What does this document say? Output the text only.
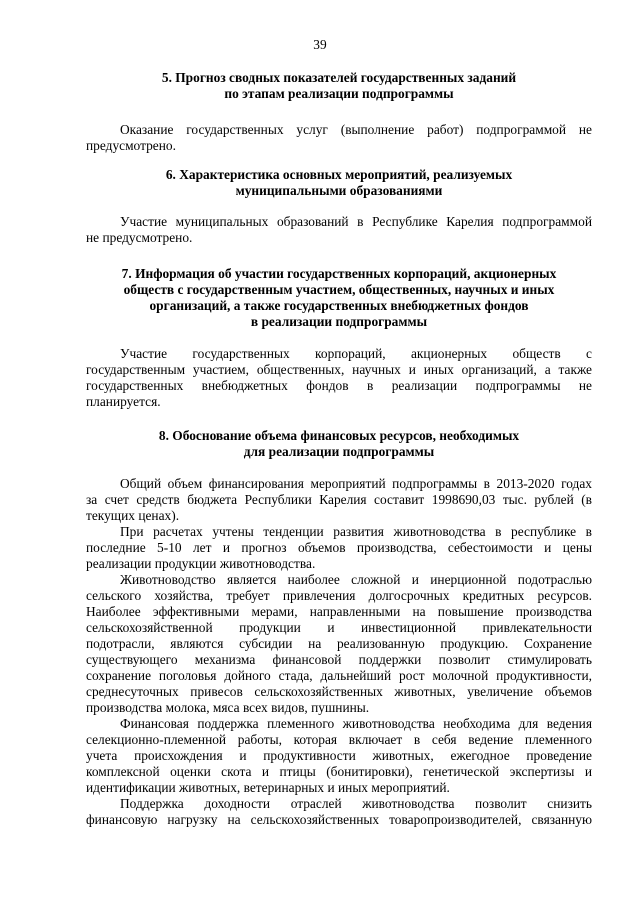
39
5. Прогноз сводных показателей государственных заданий
по этапам реализации подпрограммы
Оказание государственных услуг (выполнение работ) подпрограммой не
предусмотрено.
6. Характеристика основных мероприятий, реализуемых
муниципальными образованиями
Участие муниципальных образований в Республике Карелия подпрограммой
не предусмотрено.
7. Информация об участии государственных корпораций, акционерных
обществ с государственным участием, общественных, научных и иных
организаций, а также государственных внебюджетных фондов
в реализации подпрограммы
Участие государственных корпораций, акционерных обществ с
государственным участием, общественных, научных и иных организаций, а также
государственных внебюджетных фондов в реализации подпрограммы не
планируется.
8. Обоснование объема финансовых ресурсов, необходимых
для реализации подпрограммы
Общий объем финансирования мероприятий подпрограммы в 2013-2020 годах
за счет средств бюджета Республики Карелия составит 1998690,03 тыс. рублей (в
текущих ценах).
При расчетах учтены тенденции развития животноводства в республике в
последние 5-10 лет и прогноз объемов производства, себестоимости и цены
реализации продукции животноводства.
Животноводство является наиболее сложной и инерционной подотраслью
сельского хозяйства, требует привлечения долгосрочных кредитных ресурсов.
Наиболее эффективными мерами, направленными на повышение производства
сельскохозяйственной продукции и инвестиционной привлекательности
подотрасли, являются субсидии на реализованную продукцию. Сохранение
существующего механизма финансовой поддержки позволит стимулировать
сохранение поголовья дойного стада, дальнейший рост молочной продуктивности,
среднесуточных привесов сельскохозяйственных животных, увеличение объемов
производства молока, мяса всех видов, пушнины.
Финансовая поддержка племенного животноводства необходима для ведения
селекционно-племенной работы, которая включает в себя ведение племенного
учета происхождения и продуктивности животных, ежегодное проведение
комплексной оценки скота и птицы (бонитировки), генетической экспертизы и
идентификации животных, ветеринарных и иных мероприятий.
Поддержка доходности отраслей животноводства позволит снизить
финансовую нагрузку на сельскохозяйственных товаропроизводителей, связанную
